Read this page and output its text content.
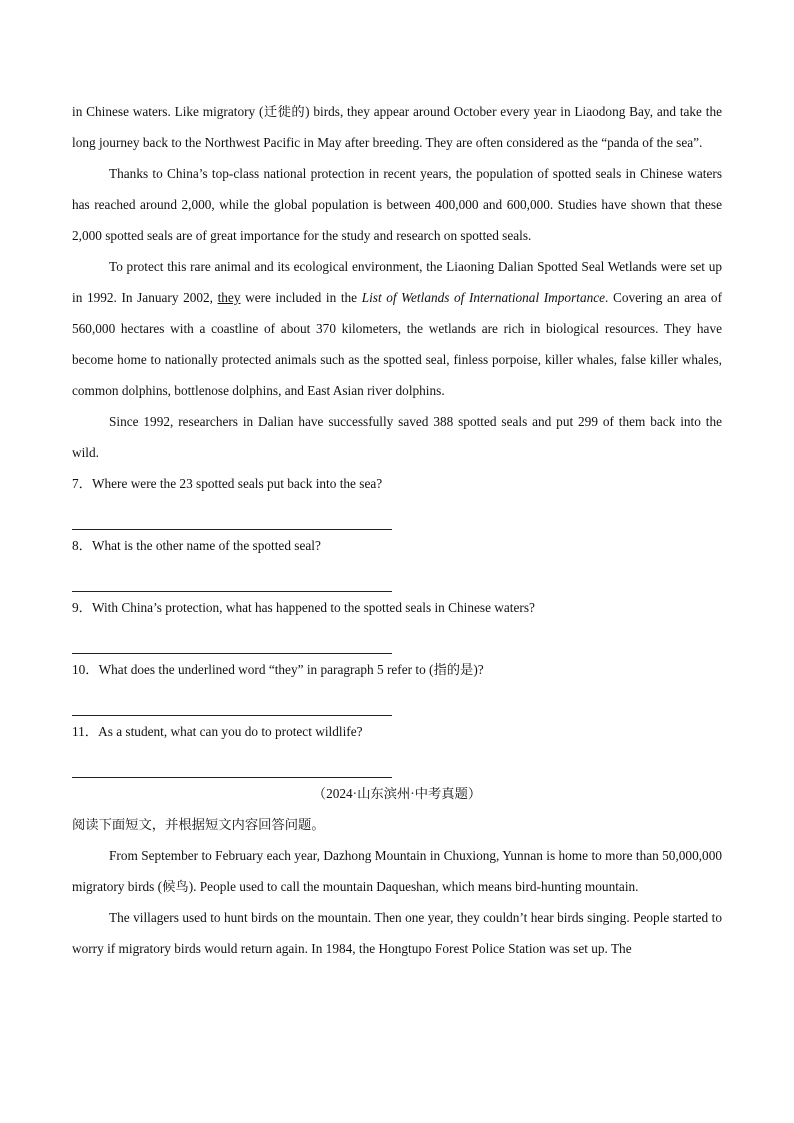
in Chinese waters. Like migratory (迁徙的) birds, they appear around October every year in Liaodong Bay, and take the long journey back to the Northwest Pacific in May after breeding. They are often considered as the “panda of the sea”.

Thanks to China’s top-class national protection in recent years, the population of spotted seals in Chinese waters has reached around 2,000, while the global population is between 400,000 and 600,000. Studies have shown that these 2,000 spotted seals are of great importance for the study and research on spotted seals.

To protect this rare animal and its ecological environment, the Liaoning Dalian Spotted Seal Wetlands were set up in 1992. In January 2002, they were included in the List of Wetlands of International Importance. Covering an area of 560,000 hectares with a coastline of about 370 kilometers, the wetlands are rich in biological resources. They have become home to nationally protected animals such as the spotted seal, finless porpoise, killer whales, false killer whales, common dolphins, bottlenose dolphins, and East Asian river dolphins.

Since 1992, researchers in Dalian have successfully saved 388 spotted seals and put 299 of them back into the wild.

7．Where were the 23 spotted seals put back into the sea?
8．What is the other name of the spotted seal?
9．With China’s protection, what has happened to the spotted seals in Chinese waters?
10．What does the underlined word “they” in paragraph 5 refer to (指的是)?
11．As a student, what can you do to protect wildlife?
（2024·山东滨州·中考真题）
阅读下面短文，并根据短文内容回答问题。

From September to February each year, Dazhong Mountain in Chuxiong, Yunnan is home to more than 50,000,000 migratory birds (候鸟). People used to call the mountain Daqueshan, which means bird-hunting mountain.

The villagers used to hunt birds on the mountain. Then one year, they couldn’t hear birds singing. People started to worry if migratory birds would return again. In 1984, the Hongtupo Forest Police Station was set up. The
